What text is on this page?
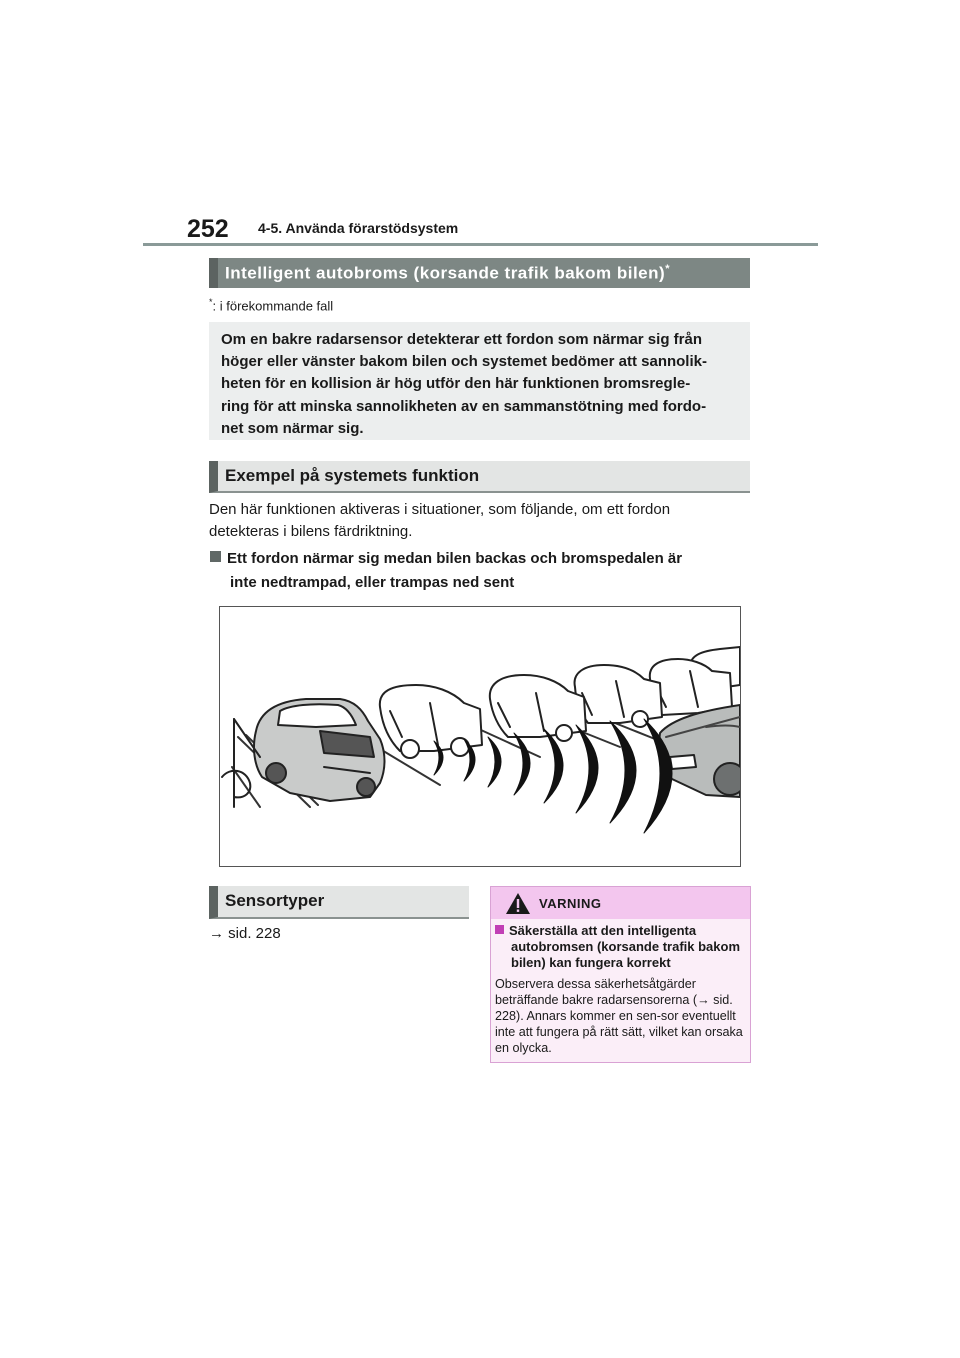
252 4-5. Använda förarstödsystem
Intelligent autobroms (korsande trafik bakom bilen)*
*: i förekommande fall
Om en bakre radarsensor detekterar ett fordon som närmar sig från
höger eller vänster bakom bilen och systemet bedömer att sannolik-
heten för en kollision är hög utför den här funktionen bromsregle-
ring för att minska sannolikheten av en sammanstötning med fordo-
net som närmar sig.
Exempel på systemets funktion
Den här funktionen aktiveras i situationer, som följande, om ett fordon
detekteras i bilens färdriktning.
Ett fordon närmar sig medan bilen backas och bromspedalen är
inte nedtrampad, eller trampas ned sent
Sensortyper
→ sid. 228
VARNING
Säkerställa att den intelligenta
autobromsen (korsande trafik bakom bilen) kan fungera korrekt
Observera dessa säkerhetsåtgärder beträffande bakre radarsensorerna (→ sid. 228). Annars kommer en sen-sor eventuellt inte att fungera på rätt sätt, vilket kan orsaka en olycka.
